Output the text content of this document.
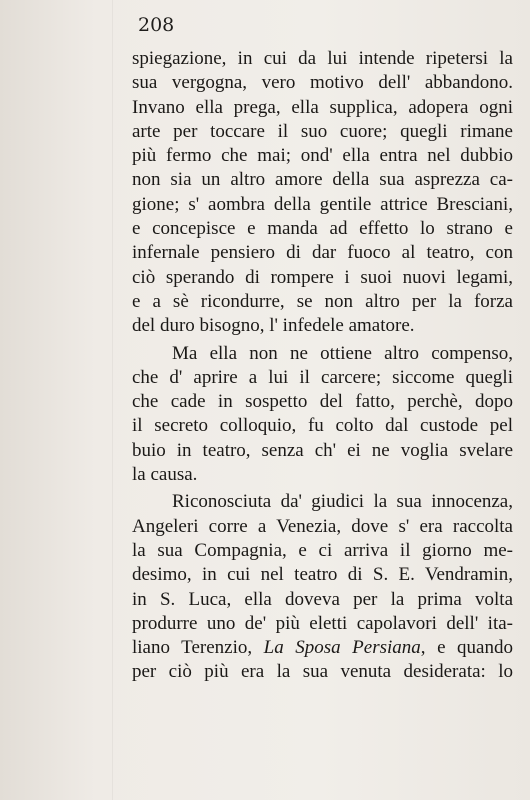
208
spiegazione, in cui da lui intende ripetersi la
sua vergogna, vero motivo dell' abbandono.
Invano ella prega, ella supplica, adopera ogni
arte per toccare il suo cuore; quegli rimane
più fermo che mai; ond' ella entra nel dubbio
non sia un altro amore della sua asprezza ca-
gione; s' aombra della gentile attrice Bresciani,
e concepisce e manda ad effetto lo strano e
infernale pensiero di dar fuoco al teatro, con
ciò sperando di rompere i suoi nuovi legami,
e a sè ricondurre, se non altro per la forza
del duro bisogno, l' infedele amatore.
Ma ella non ne ottiene altro compenso,
che d' aprire a lui il carcere; siccome quegli
che cade in sospetto del fatto, perchè, dopo
il secreto colloquio, fu colto dal custode pel
buio in teatro, senza ch' ei ne voglia svelare
la causa.
Riconosciuta da' giudici la sua innocenza,
Angeleri corre a Venezia, dove s' era raccolta
la sua Compagnia, e ci arriva il giorno me-
desimo, in cui nel teatro di S. E. Vendramin,
in S. Luca, ella doveva per la prima volta
produrre uno de' più eletti capolavori dell' ita-
liano Terenzio, La Sposa Persiana, e quando
per ciò più era la sua venuta desiderata: lo
